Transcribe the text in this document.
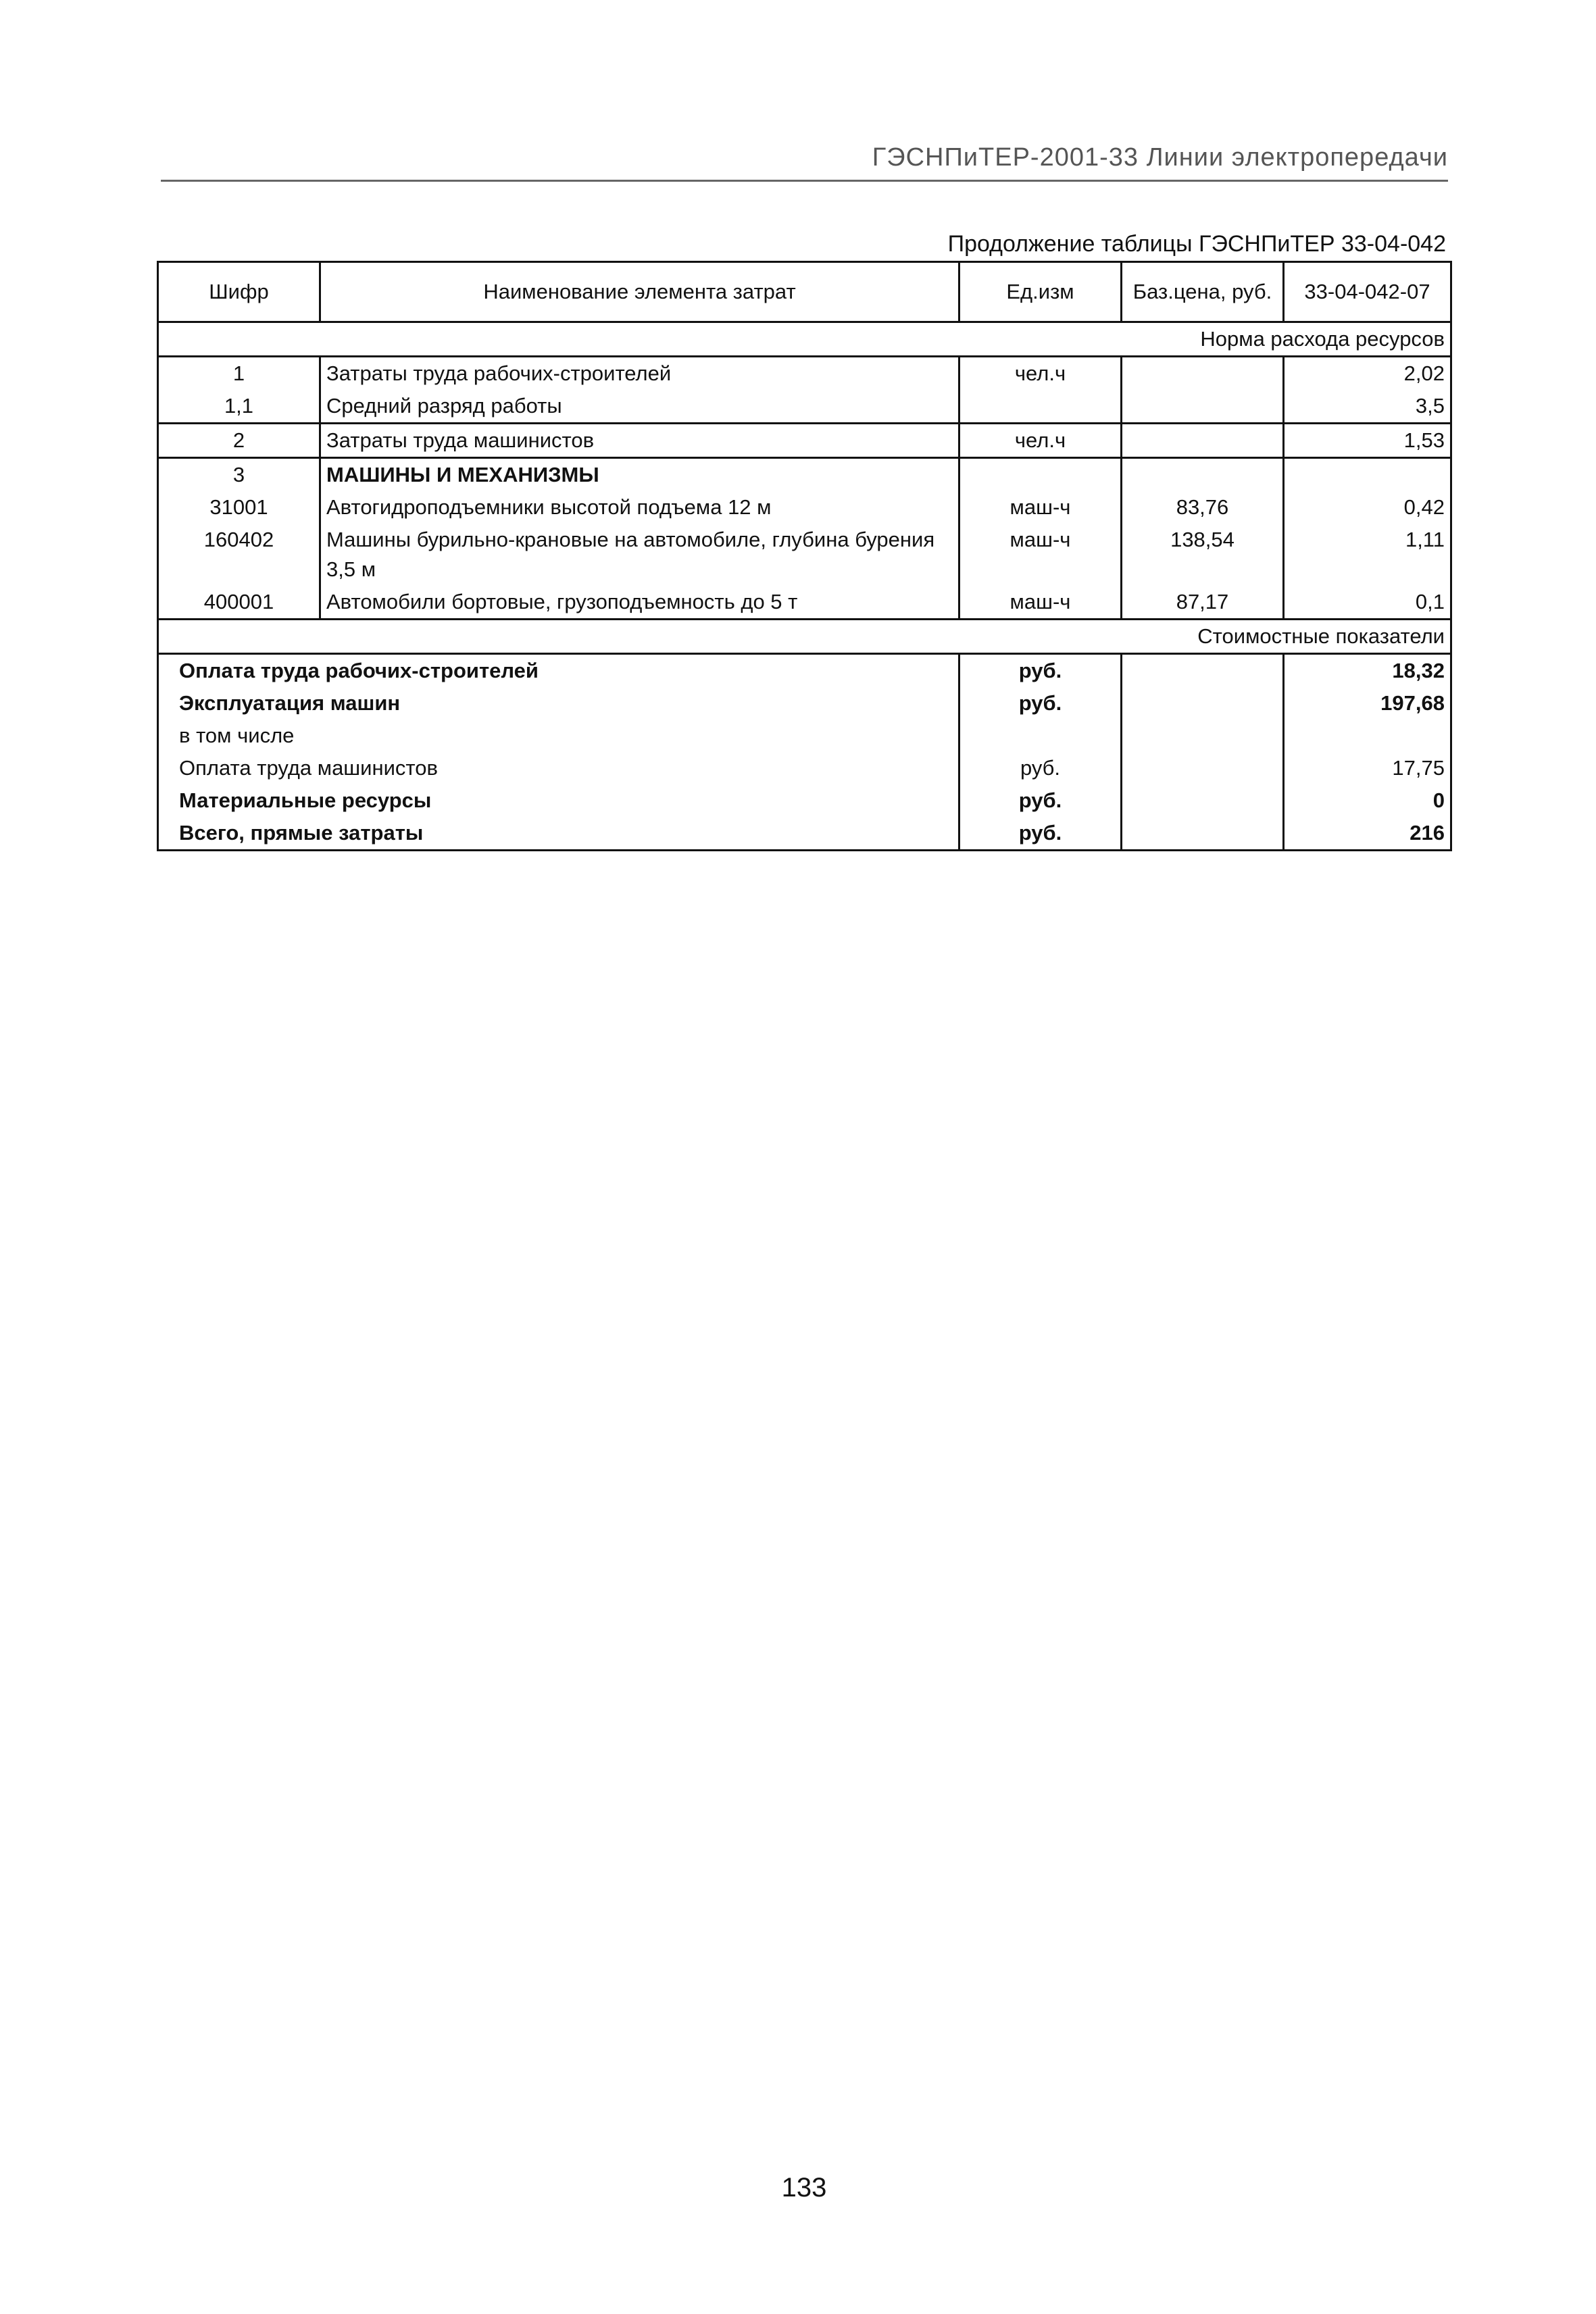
ГЭСНПиТЕР-2001-33 Линии электропередачи
Продолжение таблицы ГЭСНПиТЕР 33-04-042
Шифр	Наименование элемента затрат	Ед.изм	Баз.цена, руб.	33-04-042-07
Норма расхода ресурсов				
1	Затраты труда рабочих-строителей	чел.ч		2,02
1,1	Средний разряд работы			3,5
2	Затраты труда машинистов	чел.ч		1,53
3	МАШИНЫ И МЕХАНИЗМЫ			
31001	Автогидроподъемники высотой подъема 12 м	маш-ч	83,76	0,42
160402	Машины бурильно-крановые на автомобиле, глубина бурения 3,5 м	маш-ч	138,54	1,11
400001	Автомобили бортовые, грузоподъемность до 5 т	маш-ч	87,17	0,1
Стоимостные показатели				
Оплата труда рабочих-строителей		руб.		18,32
Эксплуатация машин		руб.		197,68
в том числе				
Оплата труда машинистов		руб.		17,75
Материальные ресурсы		руб.		0
Всего, прямые затраты		руб.		216
133
